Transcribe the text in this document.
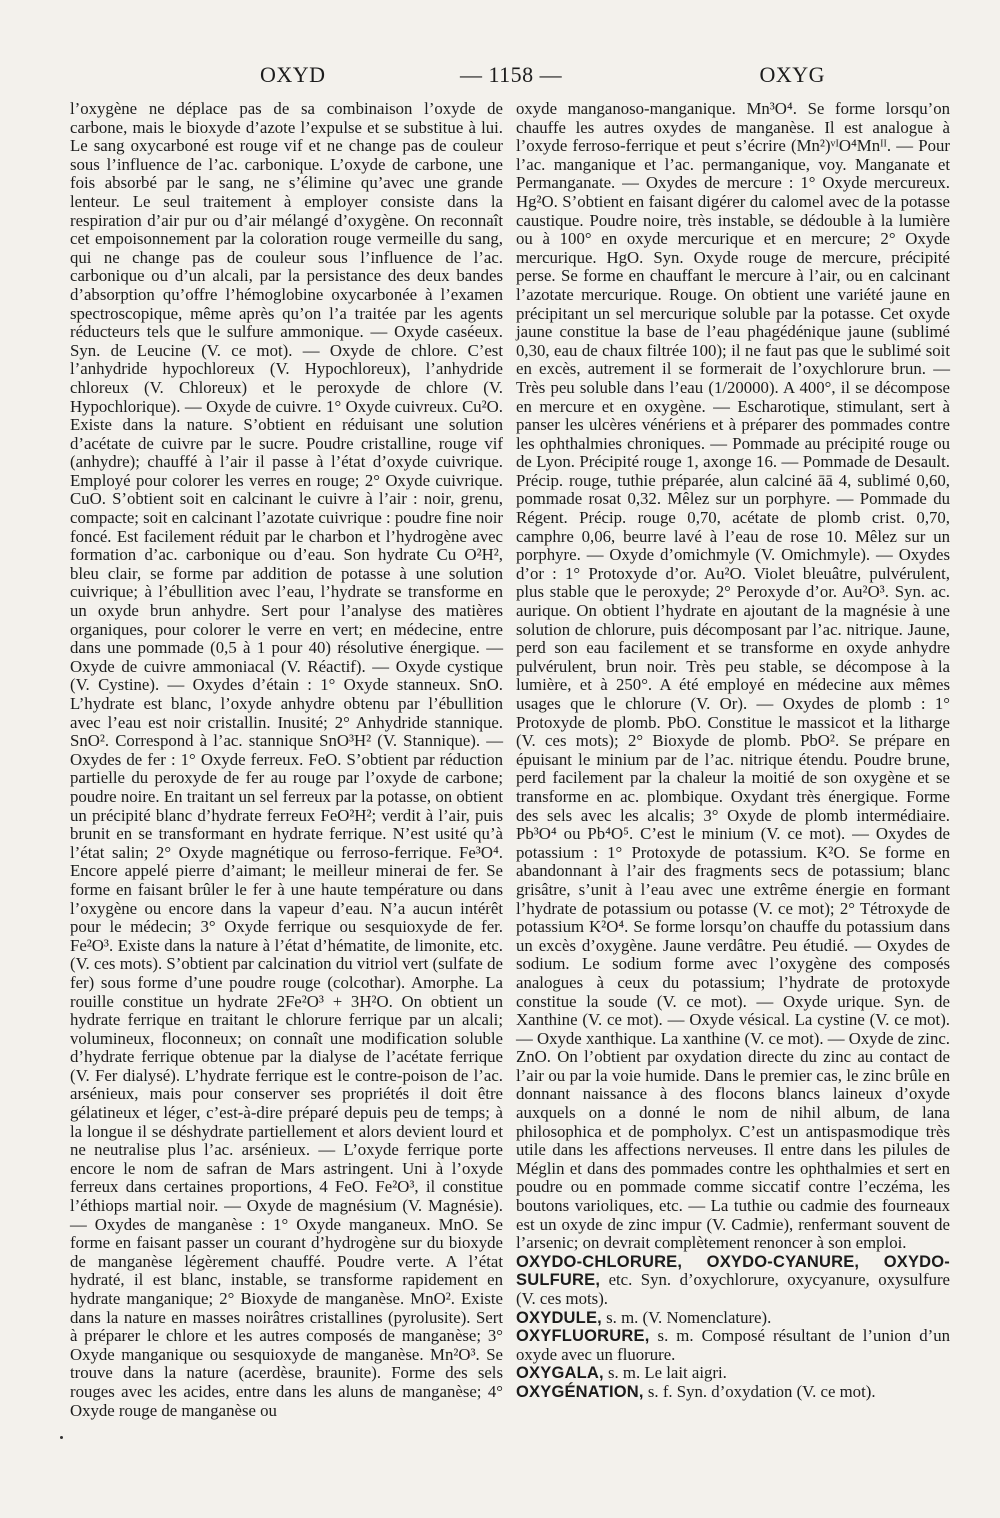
OXYD	— 1158 —	OXYG

l’oxygène ne déplace pas de sa combinaison l’oxyde de carbone, mais le bioxyde d’azote l’expulse et se substitue à lui. Le sang oxycarboné est rouge vif et ne change pas de couleur sous l’influence de l’ac. carbonique. L’oxyde de carbone, une fois absorbé par le sang, ne s’élimine qu’avec une grande lenteur. Le seul traitement à employer consiste dans la respiration d’air pur ou d’air mélangé d’oxygène. On reconnaît cet empoisonnement par la coloration rouge vermeille du sang, qui ne change pas de couleur sous l’influence de l’ac. carbonique ou d’un alcali, par la persistance des deux bandes d’absorption qu’offre l’hémoglobine oxycarbonée à l’examen spectroscopique, même après qu’on l’a traitée par les agents réducteurs tels que le sulfure ammonique. — Oxyde caséeux. Syn. de Leucine (V. ce mot). — Oxyde de chlore. C’est l’anhydride hypochloreux (V. Hypochloreux), l’anhydride chloreux (V. Chloreux) et le peroxyde de chlore (V. Hypochlorique). — Oxyde de cuivre. 1° Oxyde cuivreux. Cu²O. Existe dans la nature. S’obtient en réduisant une solution d’acétate de cuivre par le sucre. Poudre cristalline, rouge vif (anhydre); chauffé à l’air il passe à l’état d’oxyde cuivrique. Employé pour colorer les verres en rouge; 2° Oxyde cuivrique. CuO. S’obtient soit en calcinant le cuivre à l’air : noir, grenu, compacte; soit en calcinant l’azotate cuivrique : poudre fine noir foncé. Est facilement réduit par le charbon et l’hydrogène avec formation d’ac. carbonique ou d’eau. Son hydrate Cu O²H², bleu clair, se forme par addition de potasse à une solution cuivrique; à l’ébullition avec l’eau, l’hydrate se transforme en un oxyde brun anhydre. Sert pour l’analyse des matières organiques, pour colorer le verre en vert; en médecine, entre dans une pommade (0,5 à 1 pour 40) résolutive énergique. — Oxyde de cuivre ammoniacal (V. Réactif). — Oxyde cystique (V. Cystine). — Oxydes d’étain : 1° Oxyde stanneux. SnO. L’hydrate est blanc, l’oxyde anhydre obtenu par l’ébullition avec l’eau est noir cristallin. Inusité; 2° Anhydride stannique. SnO². Correspond à l’ac. stannique SnO³H² (V. Stannique). — Oxydes de fer : 1° Oxyde ferreux. FeO. S’obtient par réduction partielle du peroxyde de fer au rouge par l’oxyde de carbone; poudre noire. En traitant un sel ferreux par la potasse, on obtient un précipité blanc d’hydrate ferreux FeO²H²; verdit à l’air, puis brunit en se transformant en hydrate ferrique. N’est usité qu’à l’état salin; 2° Oxyde magnétique ou ferroso-ferrique. Fe³O⁴. Encore appelé pierre d’aimant; le meilleur minerai de fer. Se forme en faisant brûler le fer à une haute température ou dans l’oxygène ou encore dans la vapeur d’eau. N’a aucun intérêt pour le médecin; 3° Oxyde ferrique ou sesquioxyde de fer. Fe²O³. Existe dans la nature à l’état d’hématite, de limonite, etc. (V. ces mots). S’obtient par calcination du vitriol vert (sulfate de fer) sous forme d’une poudre rouge (colcothar). Amorphe. La rouille constitue un hydrate 2Fe²O³ + 3H²O. On obtient un hydrate ferrique en traitant le chlorure ferrique par un alcali; volumineux, floconneux; on connaît une modification soluble d’hydrate ferrique obtenue par la dialyse de l’acétate ferrique (V. Fer dialysé). L’hydrate ferrique est le contre-poison de l’ac. arsénieux, mais pour conserver ses propriétés il doit être gélatineux et léger, c’est-à-dire préparé depuis peu de temps; à la longue il se déshydrate partiellement et alors devient lourd et ne neutralise plus l’ac. arsénieux. — L’oxyde ferrique porte encore le nom de safran de Mars astringent. Uni à l’oxyde ferreux dans certaines proportions, 4 FeO. Fe²O³, il constitue l’éthiops martial noir. — Oxyde de magnésium (V. Magnésie). — Oxydes de manganèse : 1° Oxyde manganeux. MnO. Se forme en faisant passer un courant d’hydrogène sur du bioxyde de manganèse légèrement chauffé. Poudre verte. A l’état hydraté, il est blanc, instable, se transforme rapidement en hydrate manganique; 2° Bioxyde de manganèse. MnO². Existe dans la nature en masses noirâtres cristallines (pyrolusite). Sert à préparer le chlore et les autres composés de manganèse; 3° Oxyde manganique ou sesquioxyde de manganèse. Mn²O³. Se trouve dans la nature (acerdèse, braunite). Forme des sels rouges avec les acides, entre dans les aluns de manganèse; 4° Oxyde rouge de manganèse ou

oxyde manganoso-manganique. Mn³O⁴. Se forme lorsqu’on chauffe les autres oxydes de manganèse. Il est analogue à l’oxyde ferroso-ferrique et peut s’écrire (Mn²)ᵛᴵO⁴Mnᴵᴵ. — Pour l’ac. manganique et l’ac. permanganique, voy. Manganate et Permanganate. — Oxydes de mercure : 1° Oxyde mercureux. Hg²O. S’obtient en faisant digérer du calomel avec de la potasse caustique. Poudre noire, très instable, se dédouble à la lumière ou à 100° en oxyde mercurique et en mercure; 2° Oxyde mercurique. HgO. Syn. Oxyde rouge de mercure, précipité perse. Se forme en chauffant le mercure à l’air, ou en calcinant l’azotate mercurique. Rouge. On obtient une variété jaune en précipitant un sel mercurique soluble par la potasse. Cet oxyde jaune constitue la base de l’eau phagédénique jaune (sublimé 0,30, eau de chaux filtrée 100); il ne faut pas que le sublimé soit en excès, autrement il se formerait de l’oxychlorure brun. — Très peu soluble dans l’eau (1/20000). A 400°, il se décompose en mercure et en oxygène. — Escharotique, stimulant, sert à panser les ulcères vénériens et à préparer des pommades contre les ophthalmies chroniques. — Pommade au précipité rouge ou de Lyon. Précipité rouge 1, axonge 16. — Pommade de Desault. Précip. rouge, tuthie préparée, alun calciné āā 4, sublimé 0,60, pommade rosat 0,32. Mêlez sur un porphyre. — Pommade du Régent. Précip. rouge 0,70, acétate de plomb crist. 0,70, camphre 0,06, beurre lavé à l’eau de rose 10. Mêlez sur un porphyre. — Oxyde d’omichmyle (V. Omichmyle). — Oxydes d’or : 1° Protoxyde d’or. Au²O. Violet bleuâtre, pulvérulent, plus stable que le peroxyde; 2° Peroxyde d’or. Au²O³. Syn. ac. aurique. On obtient l’hydrate en ajoutant de la magnésie à une solution de chlorure, puis décomposant par l’ac. nitrique. Jaune, perd son eau facilement et se transforme en oxyde anhydre pulvérulent, brun noir. Très peu stable, se décompose à la lumière, et à 250°. A été employé en médecine aux mêmes usages que le chlorure (V. Or). — Oxydes de plomb : 1° Protoxyde de plomb. PbO. Constitue le massicot et la litharge (V. ces mots); 2° Bioxyde de plomb. PbO². Se prépare en épuisant le minium par de l’ac. nitrique étendu. Poudre brune, perd facilement par la chaleur la moitié de son oxygène et se transforme en ac. plombique. Oxydant très énergique. Forme des sels avec les alcalis; 3° Oxyde de plomb intermédiaire. Pb³O⁴ ou Pb⁴O⁵. C’est le minium (V. ce mot). — Oxydes de potassium : 1° Protoxyde de potassium. K²O. Se forme en abandonnant à l’air des fragments secs de potassium; blanc grisâtre, s’unit à l’eau avec une extrême énergie en formant l’hydrate de potassium ou potasse (V. ce mot); 2° Tétroxyde de potassium K²O⁴. Se forme lorsqu’on chauffe du potassium dans un excès d’oxygène. Jaune verdâtre. Peu étudié. — Oxydes de sodium. Le sodium forme avec l’oxygène des composés analogues à ceux du potassium; l’hydrate de protoxyde constitue la soude (V. ce mot). — Oxyde urique. Syn. de Xanthine (V. ce mot). — Oxyde vésical. La cystine (V. ce mot). — Oxyde xanthique. La xanthine (V. ce mot). — Oxyde de zinc. ZnO. On l’obtient par oxydation directe du zinc au contact de l’air ou par la voie humide. Dans le premier cas, le zinc brûle en donnant naissance à des flocons blancs laineux d’oxyde auxquels on a donné le nom de nihil album, de lana philosophica et de pompholyx. C’est un antispasmodique très utile dans les affections nerveuses. Il entre dans les pilules de Méglin et dans des pommades contre les ophthalmies et sert en poudre ou en pommade comme siccatif contre l’eczéma, les boutons varioliques, etc. — La tuthie ou cadmie des fourneaux est un oxyde de zinc impur (V. Cadmie), renfermant souvent de l’arsenic; on devrait complètement renoncer à son emploi.

OXYDO-CHLORURE, OXYDO-CYANURE, OXYDO-SULFURE, etc. Syn. d’oxychlorure, oxycyanure, oxysulfure (V. ces mots).

OXYDULE, s. m. (V. Nomenclature).

OXYFLUORURE, s. m. Composé résultant de l’union d’un oxyde avec un fluorure.

OXYGALA, s. m. Le lait aigri.

OXYGÉNATION, s. f. Syn. d’oxydation (V. ce mot).
